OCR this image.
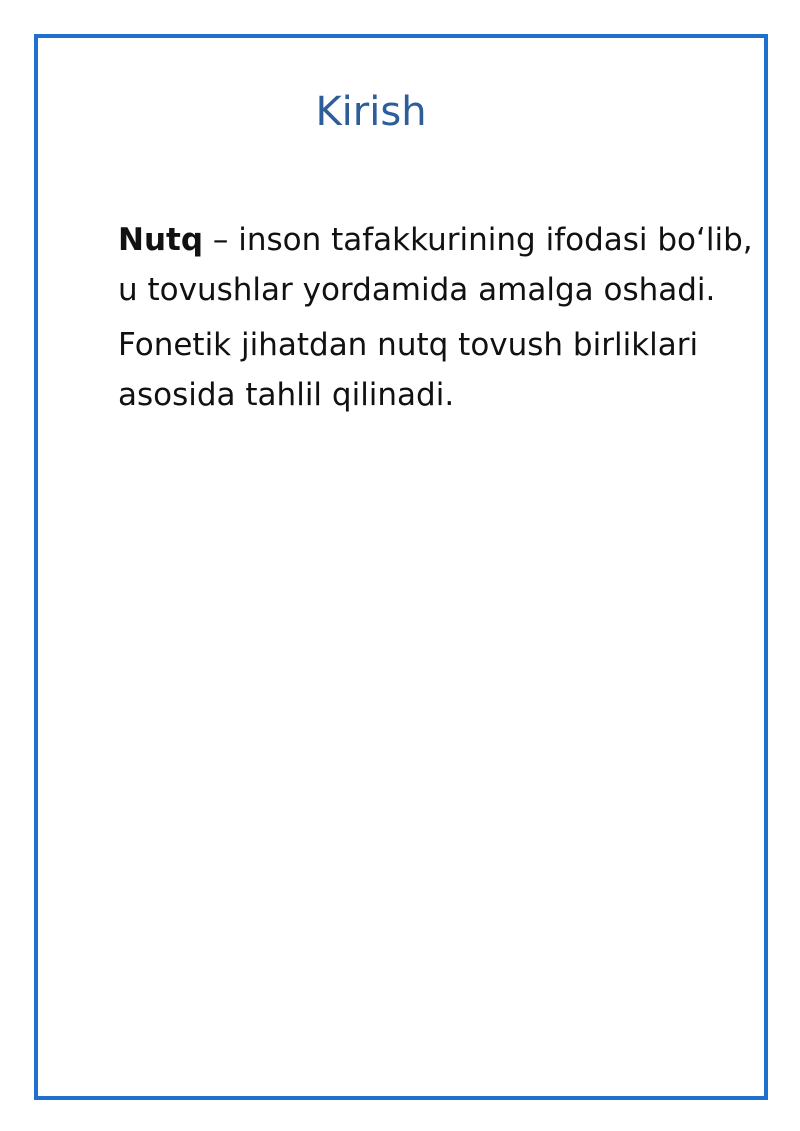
Kirish

Nutq – inson tafakkurining ifodasi bo‘lib, u tovushlar yordamida amalga oshadi.

Fonetik jihatdan nutq tovush birliklari asosida tahlil qilinadi.
